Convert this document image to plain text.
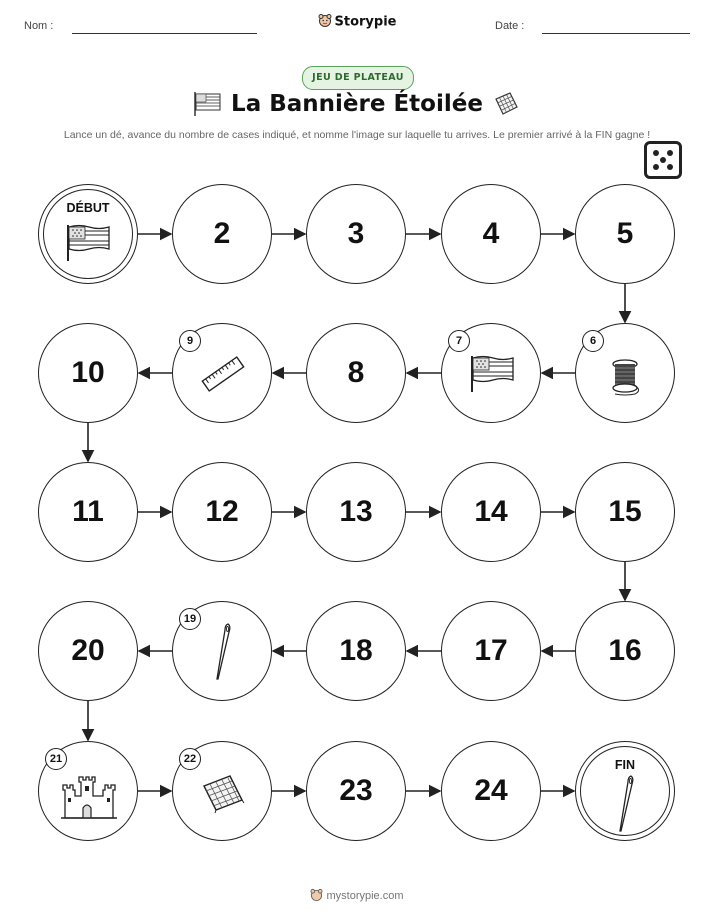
Nom :	Storypie	Date :
JEU DE PLATEAU
La Bannière Étoilée
Lance un dé, avance du nombre de cases indiqué, et nomme l'image sur laquelle tu arrives. Le premier arrivé à la FIN gagne !
DÉBUT
2	3	4	5
6
7
8
9
10
11	12	13	14	15
16
17
18
19
20
21	22
23	24
FIN
mystorypie.com
